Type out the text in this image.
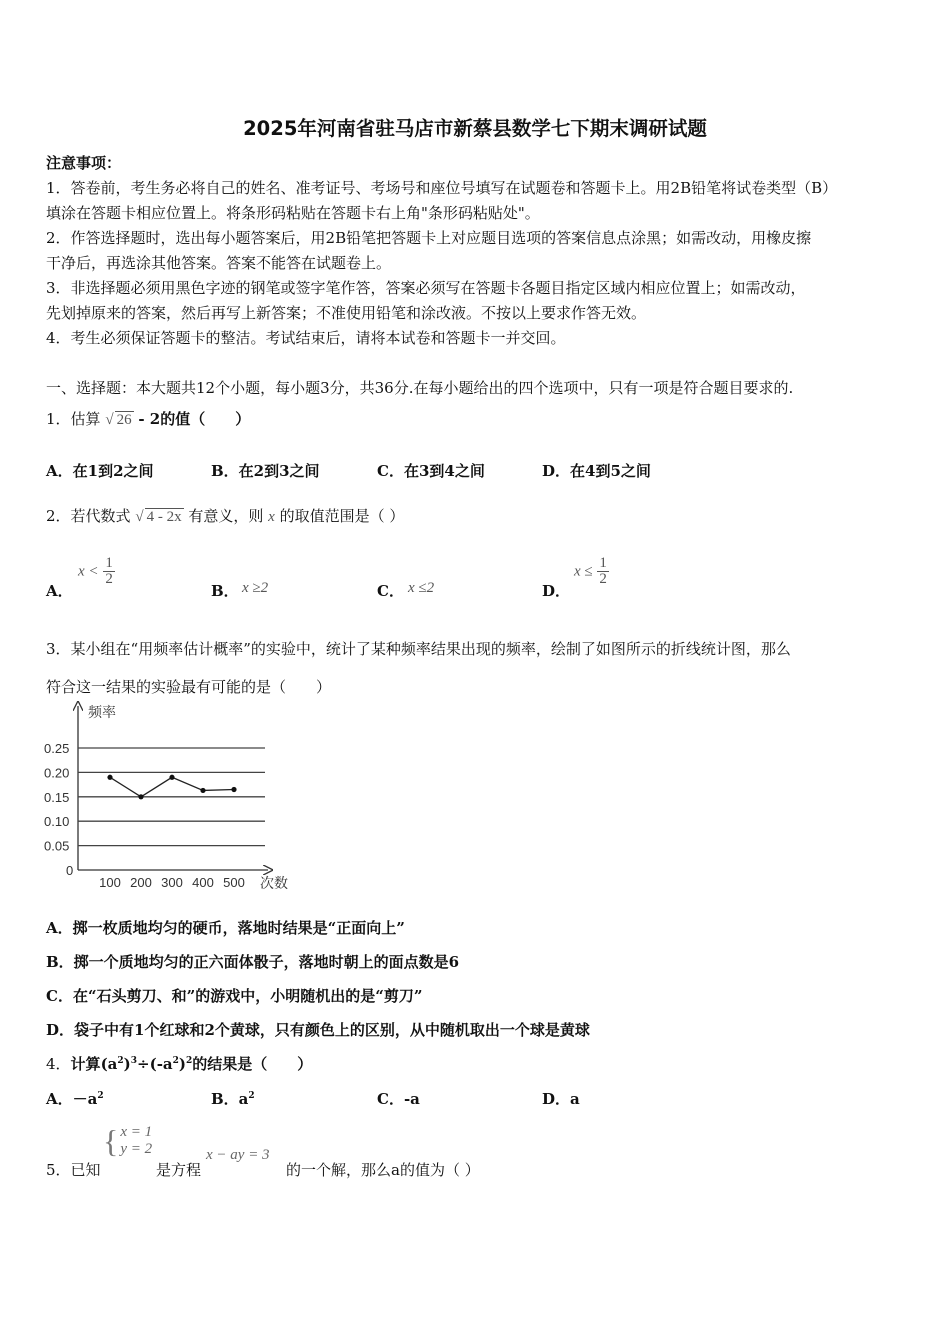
2025年河南省驻马店市新蔡县数学七下期末调研试题
注意事项：
1．答卷前，考生务必将自己的姓名、准考证号、考场号和座位号填写在试题卷和答题卡上。用2B铅笔将试卷类型（B）
填涂在答题卡相应位置上。将条形码粘贴在答题卡右上角"条形码粘贴处"。
2．作答选择题时，选出每小题答案后，用2B铅笔把答题卡上对应题目选项的答案信息点涂黑；如需改动，用橡皮擦
干净后，再选涂其他答案。答案不能答在试题卷上。
3．非选择题必须用黑色字迹的钢笔或签字笔作答，答案必须写在答题卡各题目指定区域内相应位置上；如需改动，
先划掉原来的答案，然后再写上新答案；不准使用铅笔和涂改液。不按以上要求作答无效。
4．考生必须保证答题卡的整洁。考试结束后，请将本试卷和答题卡一并交回。
一、选择题：本大题共12个小题，每小题3分，共36分.在每小题给出的四个选项中，只有一项是符合题目要求的.
1．估算 √ 26 - 2的值（　　）
A．在1到2之间	B．在2到3之间	C．在3到4之间	D．在4到5之间
2．若代数式 √ 4 - 2x 有意义，则 x 的取值范围是（ ）
A．
$x < \frac{1}{2}$
B． x ≥2	C． x ≤2	D．
$x \le \frac{1}{2}$
3．某小组在“用频率估计概率”的实验中，统计了某种频率结果出现的频率，绘制了如图所示的折线统计图，那么
符合这一结果的实验最有可能的是（　　）
频率
次数
0
0.05
0.10
0.15
0.20
0.25
100 200 300 400 500
A．掷一枚质地均匀的硬币，落地时结果是“正面向上”
B．掷一个质地均匀的正六面体骰子，落地时朝上的面点数是6
C．在“石头剪刀、和”的游戏中，小明随机出的是“剪刀”
D．袋子中有1个红球和2个黄球，只有颜色上的区别，从中随机取出一个球是黄球
4．计算$(a^2)^3\div(-a^2)^2$的结果是（　　）
A．$-a^2$	B．$a^2$	C．-a	D．a
5．已知
{ x = 1
y = 2
是方程
x − ay = 3
的一个解，那么a的值为（ ）
